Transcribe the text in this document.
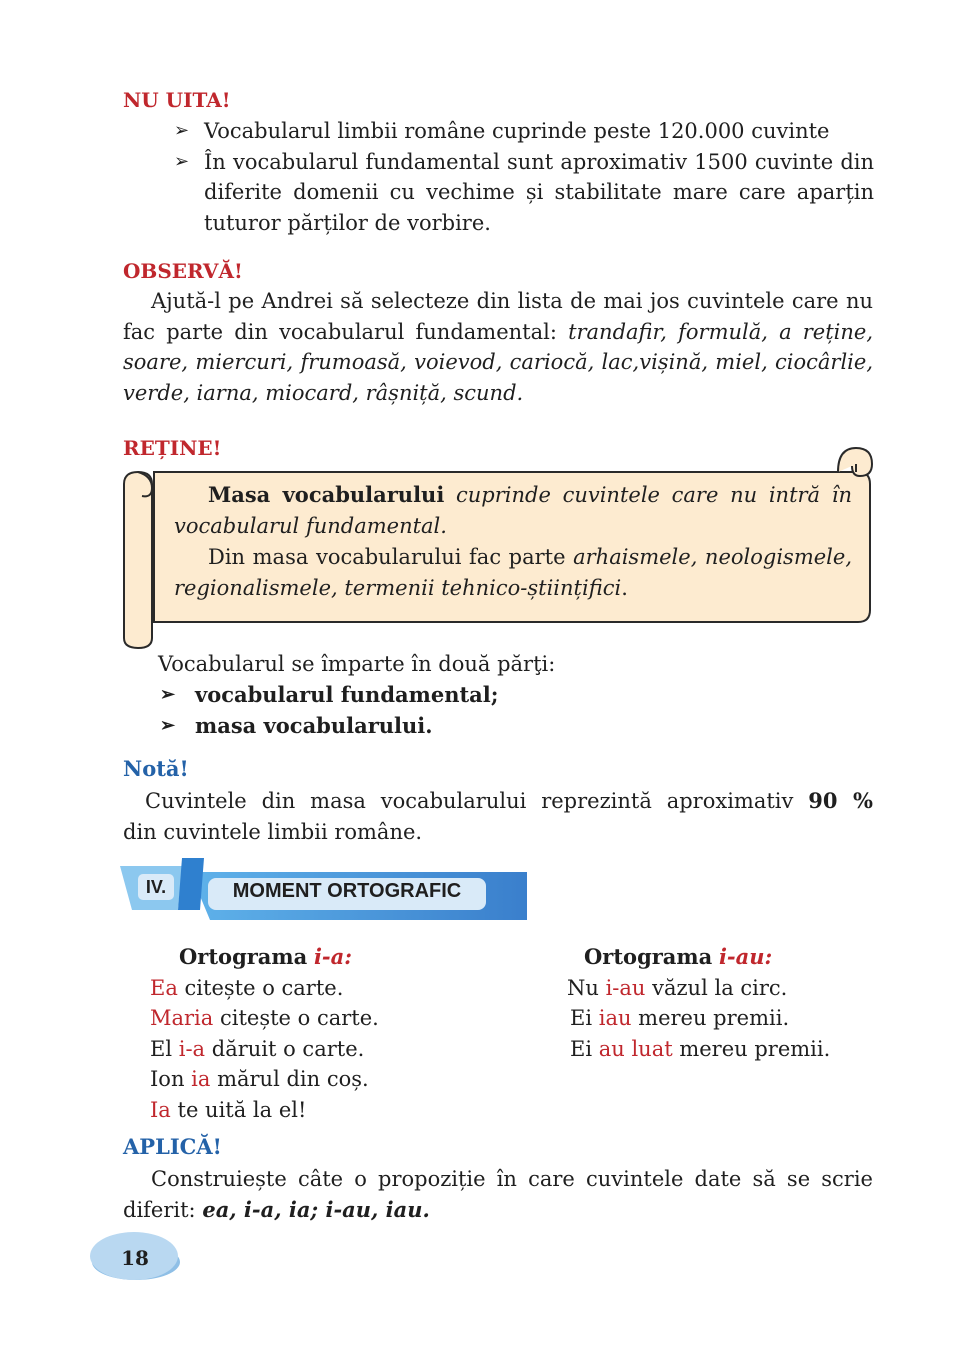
NU UITA!
➢ Vocabularul limbii române cuprinde peste 120.000 cuvinte
➢ În vocabularul fundamental sunt aproximativ 1500 cuvinte din diferite domenii cu vechime și stabilitate mare care aparțin tuturor părților de vorbire.
OBSERVĂ!

Ajută-l pe Andrei să selecteze din lista de mai jos cuvintele care nu fac parte din vocabularul fundamental: trandafir, formulă, a reține, soare, miercuri, frumoasă, voievod, cariocă, lac,vișină, miel, ciocârlie, verde, iarna, miocard, râșniță, scund.

REȚINE!
Masa vocabularului cuprinde cuvintele care nu intră în vocabularul fundamental.
Din masa vocabularului fac parte arhaismele, neologismele, regionalismele, termenii tehnico-științifici.
Vocabularul se împarte în două părţi:
➢ vocabularul fundamental;
➢ masa vocabularului.
Notă!
Cuvintele din masa vocabularului reprezintă aproximativ 90 %
din cuvintele limbii române.
IV.	MOMENT ORTOGRAFIC
Ortograma i-a:
Ea citește o carte.
Maria citește o carte.
El i-a dăruit o carte.
Ion ia mărul din coș.
Ia te uită la el!
Ortograma i-au:
Nu i-au văzul la circ.
Ei iau mereu premii.
Ei au luat mereu premii.
APLICĂ!

Construiește câte o propoziție în care cuvintele date să se scrie diferit: ea, i-a, ia; i-au, iau.

18
